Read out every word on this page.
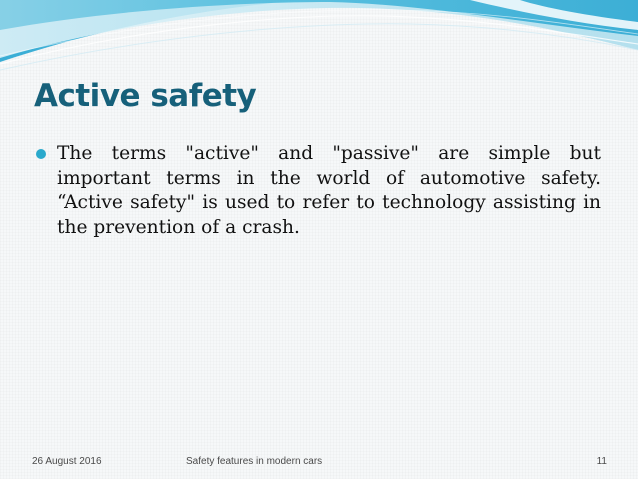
Active safety
The terms "active" and "passive" are simple but important terms in the world of automotive safety. “Active safety" is used to refer to technology assisting in the prevention of a crash.
26 August 2016	Safety features in modern cars	11
